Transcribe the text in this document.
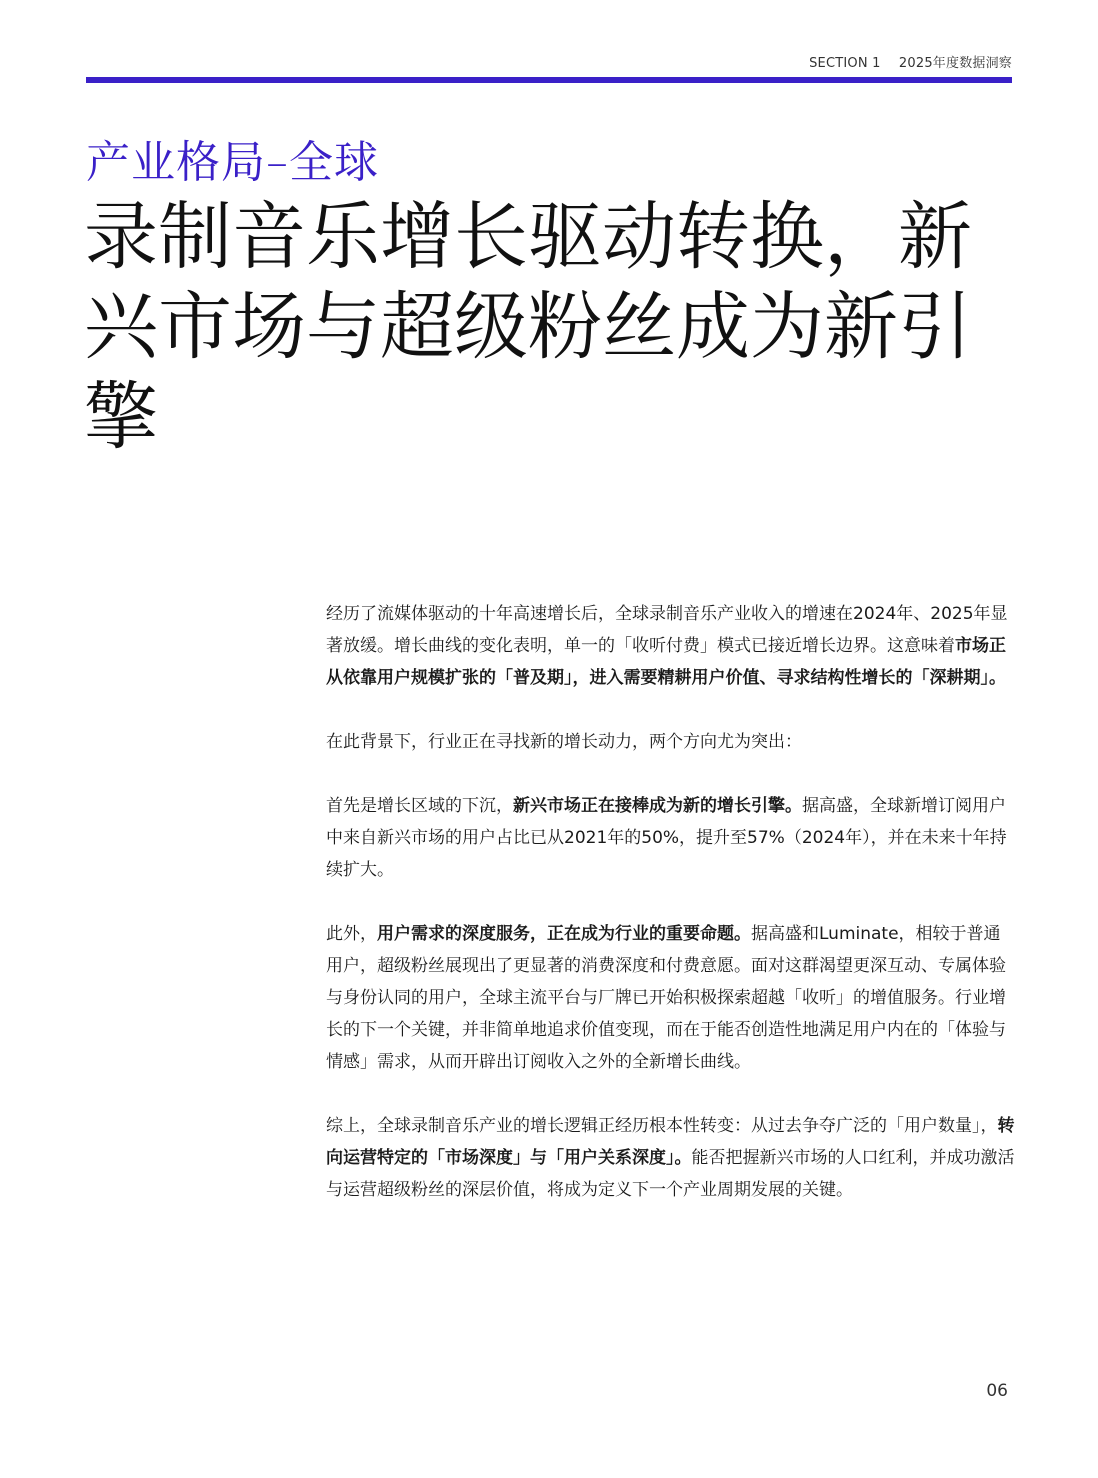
SECTION 1 2025年度数据洞察
产业格局–全球
录制音乐增长驱动转换，新兴市场与超级粉丝成为新引擎

经历了流媒体驱动的十年高速增长后，全球录制音乐产业收入的增速在2024年、2025年显著放缓。增长曲线的变化表明，单一的「收听付费」模式已接近增长边界。这意味着市场正从依靠用户规模扩张的「普及期」，进入需要精耕用户价值、寻求结构性增长的「深耕期」。

在此背景下，行业正在寻找新的增长动力，两个方向尤为突出：

首先是增长区域的下沉，新兴市场正在接棒成为新的增长引擎。据高盛，全球新增订阅用户中来自新兴市场的用户占比已从2021年的50%，提升至57%（2024年），并在未来十年持续扩大。

此外，用户需求的深度服务，正在成为行业的重要命题。据高盛和Luminate，相较于普通用户，超级粉丝展现出了更显著的消费深度和付费意愿。面对这群渴望更深互动、专属体验与身份认同的用户，全球主流平台与厂牌已开始积极探索超越「收听」的增值服务。行业增长的下一个关键，并非简单地追求价值变现，而在于能否创造性地满足用户内在的「体验与情感」需求，从而开辟出订阅收入之外的全新增长曲线。

综上，全球录制音乐产业的增长逻辑正经历根本性转变：从过去争夺广泛的「用户数量」，转向运营特定的「市场深度」与「用户关系深度」。能否把握新兴市场的人口红利，并成功激活与运营超级粉丝的深层价值，将成为定义下一个产业周期发展的关键。

06
